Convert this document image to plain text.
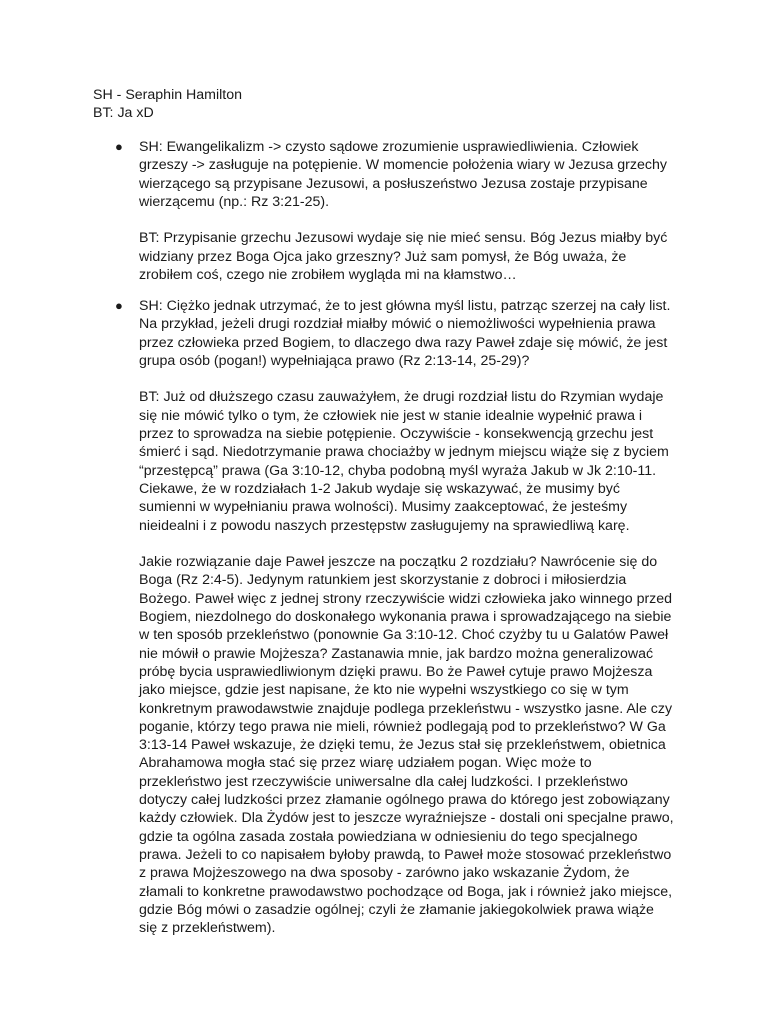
SH - Seraphin Hamilton
BT: Ja xD
● SH: Ewangelikalizm -> czysto sądowe zrozumienie usprawiedliwienia. Człowiek
grzeszy -> zasługuje na potępienie. W momencie położenia wiary w Jezusa grzechy
wierzącego są przypisane Jezusowi, a posłuszeństwo Jezusa zostaje przypisane
wierzącemu (np.: Rz 3:21-25).
BT: Przypisanie grzechu Jezusowi wydaje się nie mieć sensu. Bóg Jezus miałby być
widziany przez Boga Ojca jako grzeszny? Już sam pomysł, że Bóg uważa, że
zrobiłem coś, czego nie zrobiłem wygląda mi na kłamstwo…
● SH: Ciężko jednak utrzymać, że to jest główna myśl listu, patrząc szerzej na cały list.
Na przykład, jeżeli drugi rozdział miałby mówić o niemożliwości wypełnienia prawa
przez człowieka przed Bogiem, to dlaczego dwa razy Paweł zdaje się mówić, że jest
grupa osób (pogan!) wypełniająca prawo (Rz 2:13-14, 25-29)?
BT: Już od dłuższego czasu zauważyłem, że drugi rozdział listu do Rzymian wydaje
się nie mówić tylko o tym, że człowiek nie jest w stanie idealnie wypełnić prawa i
przez to sprowadza na siebie potępienie. Oczywiście - konsekwencją grzechu jest
śmierć i sąd. Niedotrzymanie prawa chociażby w jednym miejscu wiąże się z byciem
“przestępcą” prawa (Ga 3:10-12, chyba podobną myśl wyraża Jakub w Jk 2:10-11.
Ciekawe, że w rozdziałach 1-2 Jakub wydaje się wskazywać, że musimy być
sumienni w wypełnianiu prawa wolności). Musimy zaakceptować, że jesteśmy
nieidealni i z powodu naszych przestępstw zasługujemy na sprawiedliwą karę.
Jakie rozwiązanie daje Paweł jeszcze na początku 2 rozdziału? Nawrócenie się do
Boga (Rz 2:4-5). Jedynym ratunkiem jest skorzystanie z dobroci i miłosierdzia
Bożego. Paweł więc z jednej strony rzeczywiście widzi człowieka jako winnego przed
Bogiem, niezdolnego do doskonałego wykonania prawa i sprowadzającego na siebie
w ten sposób przekleństwo (ponownie Ga 3:10-12. Choć czyżby tu u Galatów Paweł
nie mówił o prawie Mojżesza? Zastanawia mnie, jak bardzo można generalizować
próbę bycia usprawiedliwionym dzięki prawu. Bo że Paweł cytuje prawo Mojżesza
jako miejsce, gdzie jest napisane, że kto nie wypełni wszystkiego co się w tym
konkretnym prawodawstwie znajduje podlega przekleństwu - wszystko jasne. Ale czy
poganie, którzy tego prawa nie mieli, również podlegają pod to przekleństwo? W Ga
3:13-14 Paweł wskazuje, że dzięki temu, że Jezus stał się przekleństwem, obietnica
Abrahamowa mogła stać się przez wiarę udziałem pogan. Więc może to
przekleństwo jest rzeczywiście uniwersalne dla całej ludzkości. I przekleństwo
dotyczy całej ludzkości przez złamanie ogólnego prawa do którego jest zobowiązany
każdy człowiek. Dla Żydów jest to jeszcze wyraźniejsze - dostali oni specjalne prawo,
gdzie ta ogólna zasada została powiedziana w odniesieniu do tego specjalnego
prawa. Jeżeli to co napisałem byłoby prawdą, to Paweł może stosować przekleństwo
z prawa Mojżeszowego na dwa sposoby - zarówno jako wskazanie Żydom, że
złamali to konkretne prawodawstwo pochodzące od Boga, jak i również jako miejsce,
gdzie Bóg mówi o zasadzie ogólnej; czyli że złamanie jakiegokolwiek prawa wiąże
się z przekleństwem).
